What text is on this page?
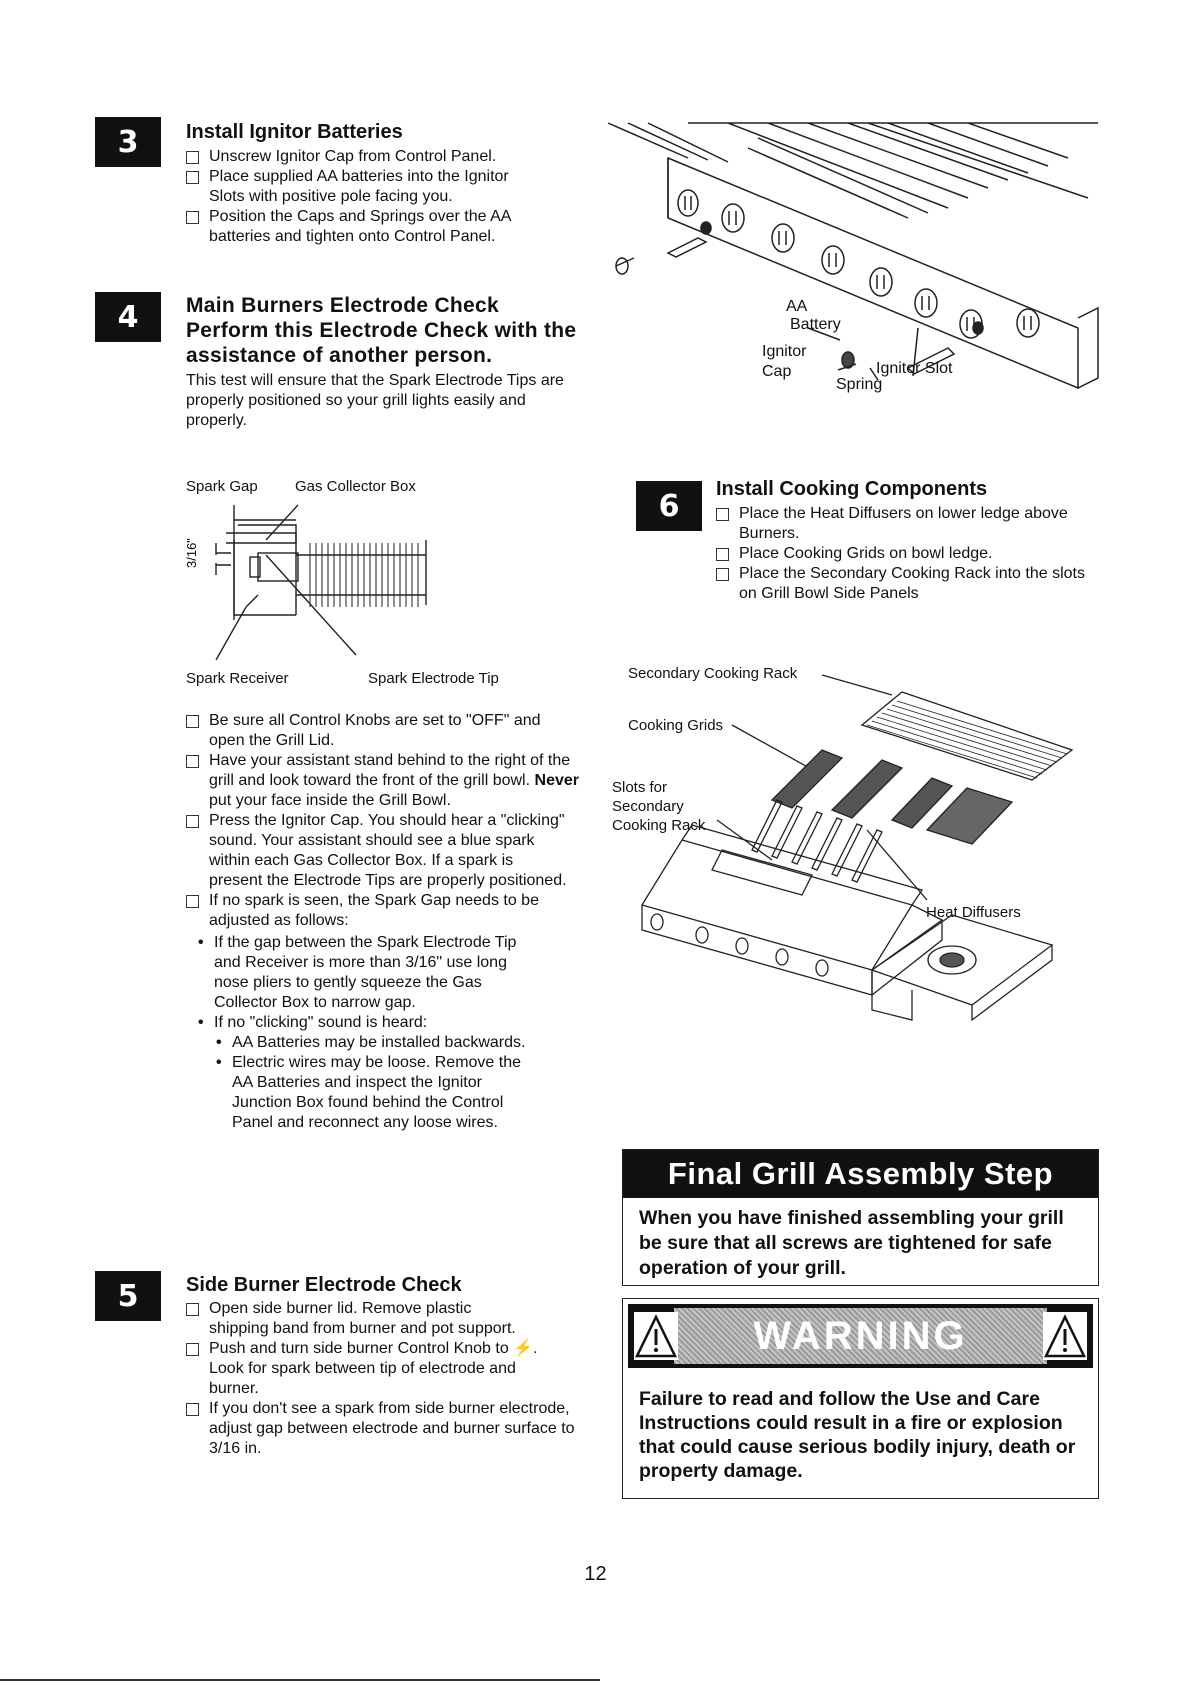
3 Install Ignitor Batteries
Unscrew Ignitor Cap from Control Panel.
Place supplied AA batteries into the Ignitor Slots with positive pole facing you.
Position the Caps and Springs over the AA batteries and tighten onto Control Panel.
AA
Battery
Ignitor
Cap	Ignitor Slot
Spring
4 Main Burners Electrode Check
Perform this Electrode Check with the
assistance of another person.
This test will ensure that the Spark Electrode Tips are properly positioned so your grill lights easily and properly.
Spark Gap Gas Collector Box
3/16"
Spark Receiver	Spark Electrode Tip
Be sure all Control Knobs are set to "OFF" and open the Grill Lid.
Have your assistant stand behind to the right of the grill and look toward the front of the grill bowl. Never put your face inside the Grill Bowl.
Press the Ignitor Cap. You should hear a "clicking" sound. Your assistant should see a blue spark within each Gas Collector Box. If a spark is present the Electrode Tips are properly positioned.
If no spark is seen, the Spark Gap needs to be adjusted as follows:
• If the gap between the Spark Electrode Tip and Receiver is more than 3/16" use long nose pliers to gently squeeze the Gas Collector Box to narrow gap.
• If no "clicking" sound is heard:
• AA Batteries may be installed backwards.
• Electric wires may be loose. Remove the AA Batteries and inspect the Ignitor Junction Box found behind the Control Panel and reconnect any loose wires.
5 Side Burner Electrode Check
Open side burner lid. Remove plastic shipping band from burner and pot support.
Push and turn side burner Control Knob to ⚡. Look for spark between tip of electrode and burner.
If you don't see a spark from side burner electrode, adjust gap between electrode and burner surface to 3/16 in.
6 Install Cooking Components
Place the Heat Diffusers on lower ledge above Burners.
Place Cooking Grids on bowl ledge.
Place the Secondary Cooking Rack into the slots on Grill Bowl Side Panels
Secondary Cooking Rack
Cooking Grids
Slots for
Secondary
Cooking Rack
Heat Diffusers
Final Grill Assembly Step
When you have finished assembling your grill be sure that all screws are tightened for safe operation of your grill.
WARNING
Failure to read and follow the Use and Care Instructions could result in a fire or explosion that could cause serious bodily injury, death or property damage.
12
